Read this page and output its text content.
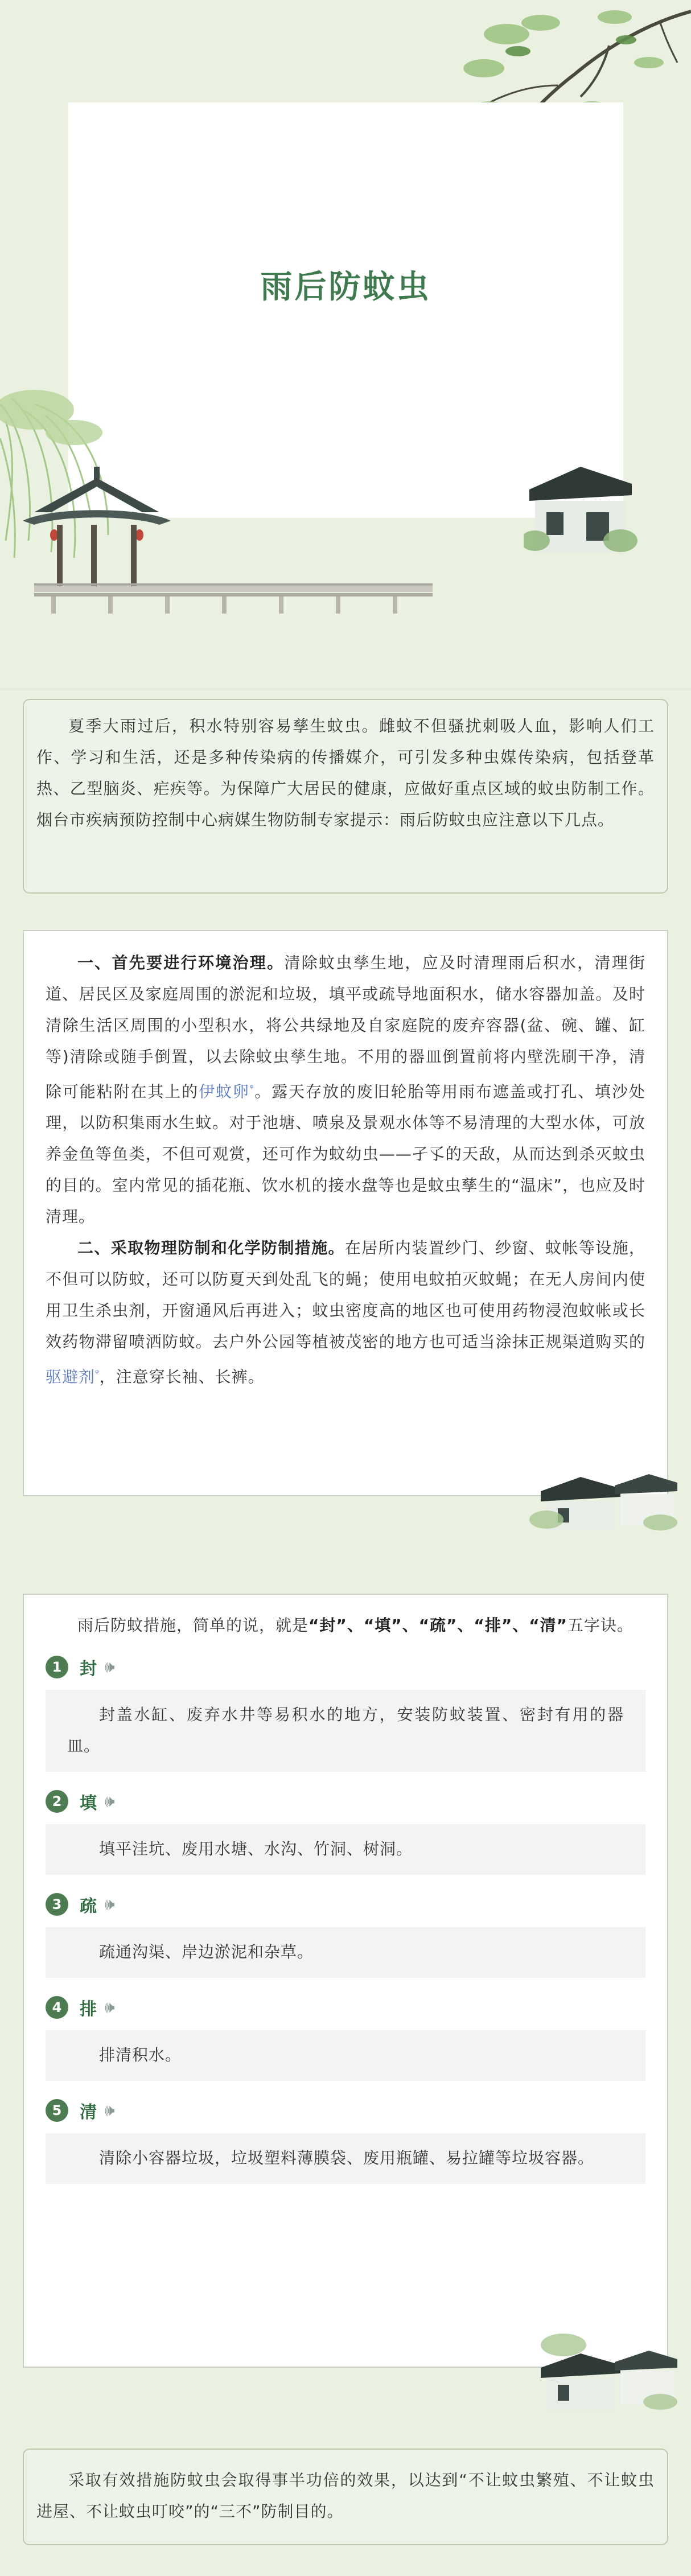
雨后防蚊虫

夏季大雨过后，积水特别容易孳生蚊虫。雌蚊不但骚扰刺吸人血，影响人们工作、学习和生活，还是多种传染病的传播媒介，可引发多种虫媒传染病，包括登革热、乙型脑炎、疟疾等。为保障广大居民的健康，应做好重点区域的蚊虫防制工作。烟台市疾病预防控制中心病媒生物防制专家提示：雨后防蚊虫应注意以下几点。

一、首先要进行环境治理。清除蚊虫孳生地，应及时清理雨后积水，清理街道、居民区及家庭周围的淤泥和垃圾，填平或疏导地面积水，储水容器加盖。及时清除生活区周围的小型积水，将公共绿地及自家庭院的废弃容器(盆、碗、罐、缸等)清除或随手倒置，以去除蚊虫孳生地。不用的器皿倒置前将内壁洗刷干净，清除可能粘附在其上的伊蚊卵$^ᵠ$。露天存放的废旧轮胎等用雨布遮盖或打孔、填沙处理，以防积集雨水生蚊。对于池塘、喷泉及景观水体等不易清理的大型水体，可放养金鱼等鱼类，不但可观赏，还可作为蚊幼虫——孑孓的天敌，从而达到杀灭蚊虫的目的。室内常见的插花瓶、饮水机的接水盘等也是蚊虫孳生的“温床”，也应及时清理。

二、采取物理防制和化学防制措施。在居所内装置纱门、纱窗、蚊帐等设施，不但可以防蚊，还可以防夏天到处乱飞的蝇；使用电蚊拍灭蚊蝇；在无人房间内使用卫生杀虫剂，开窗通风后再进入；蚊虫密度高的地区也可使用药物浸泡蚊帐或长效药物滞留喷洒防蚊。去户外公园等植被茂密的地方也可适当涂抹正规渠道购买的驱避剂$^ᵠ$，注意穿长袖、长裤。

雨后防蚊措施，简单的说，就是“封”、“填”、“疏”、“排”、“清”五字诀。

1	封 🕪

封盖水缸、废弃水井等易积水的地方，安装防蚊装置、密封有用的器皿。

2	填 🕪

填平洼坑、废用水塘、水沟、竹洞、树洞。

3	疏 🕪

疏通沟渠、岸边淤泥和杂草。

4	排 🕪

排清积水。

5	清 🕪

清除小容器垃圾，垃圾塑料薄膜袋、废用瓶罐、易拉罐等垃圾容器。

采取有效措施防蚊虫会取得事半功倍的效果，以达到“不让蚊虫繁殖、不让蚊虫进屋、不让蚊虫叮咬”的“三不”防制目的。
